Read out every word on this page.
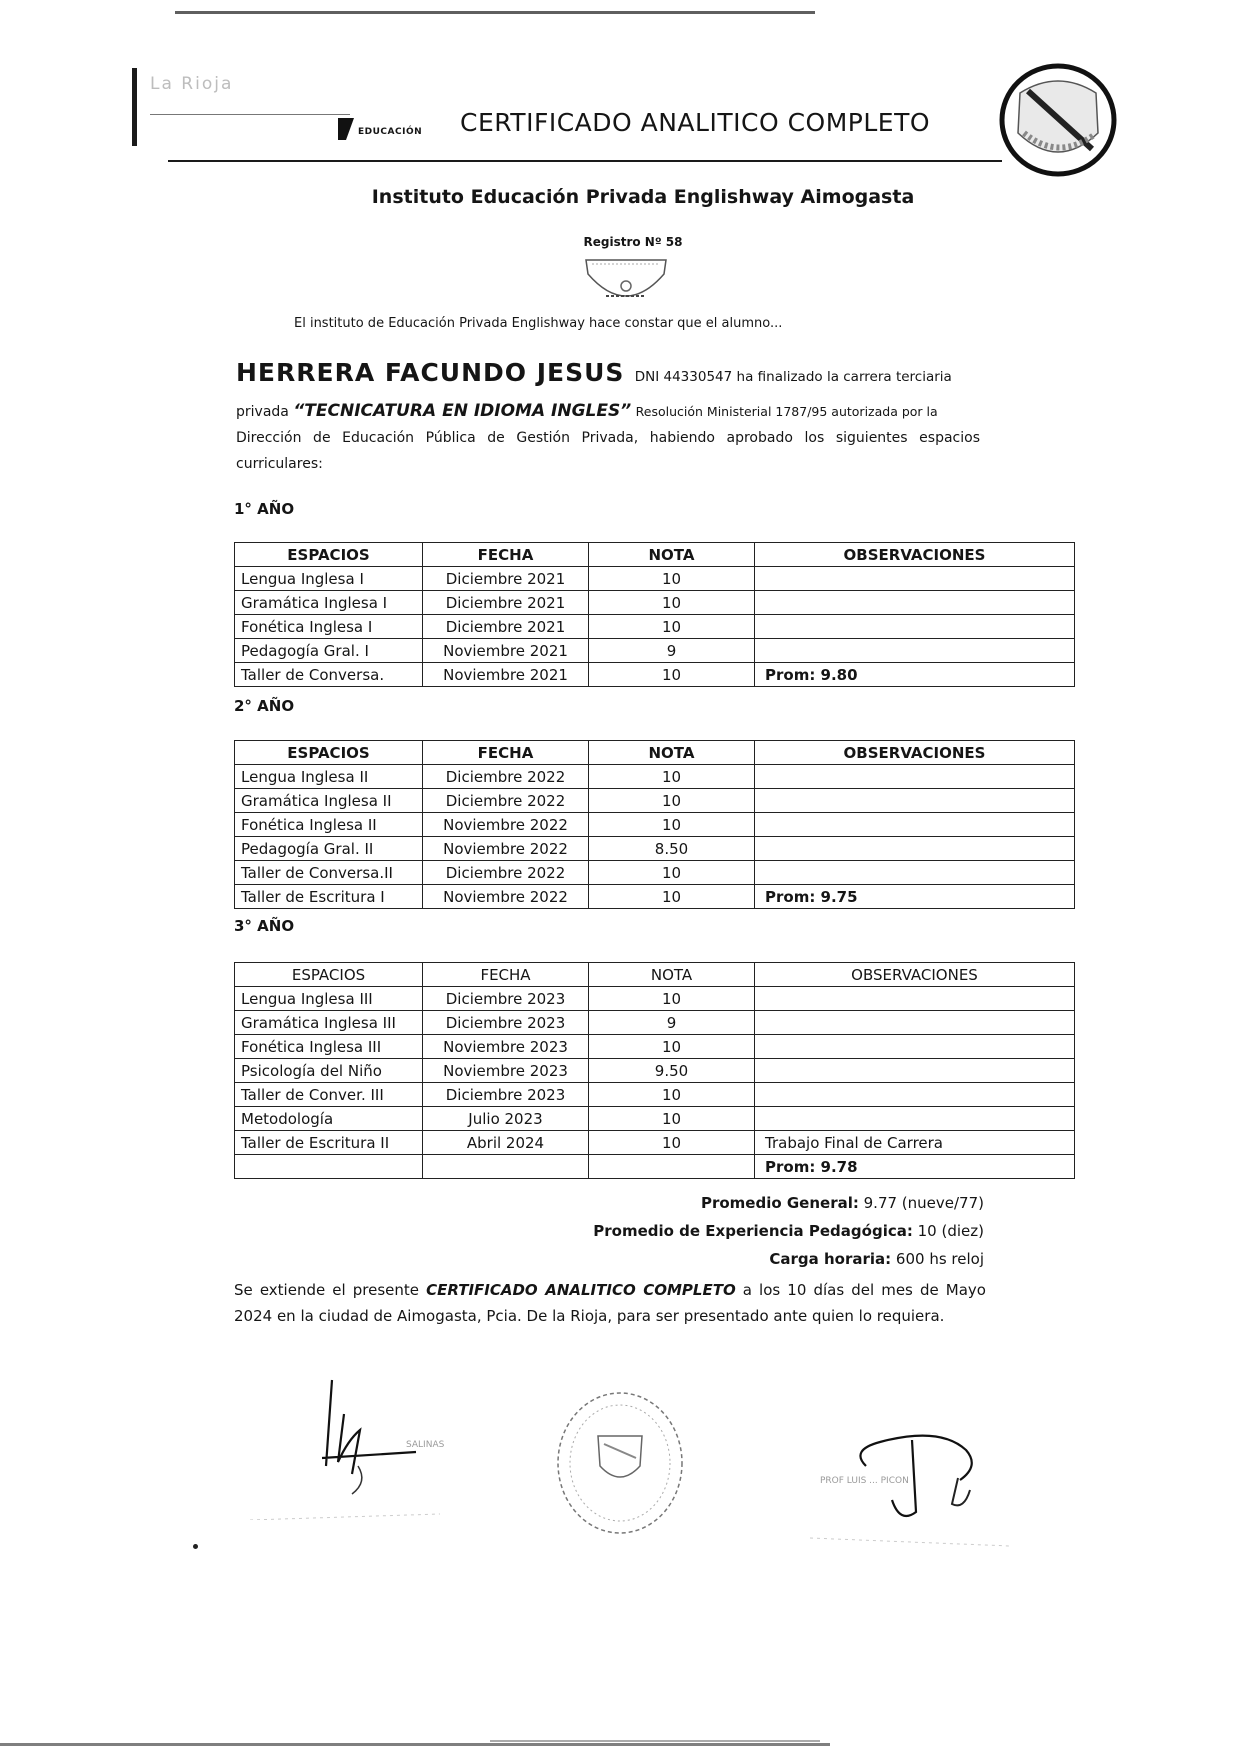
La Rioja
EDUCACIÓN CERTIFICADO ANALITICO COMPLETO
Instituto Educación Privada Englishway Aimogasta
Registro Nº 58
El instituto de Educación Privada Englishway hace constar que el alumno...
HERRERA FACUNDO JESUS DNI 44330547 ha finalizado la carrera terciaria
privada “TECNICATURA EN IDIOMA INGLES” Resolución Ministerial 1787/95 autorizada por la
Dirección de Educación Pública de Gestión Privada, habiendo aprobado los siguientes espacios
curriculares:
1° AÑO
ESPACIOS	FECHA	NOTA	OBSERVACIONES
Lengua Inglesa I	Diciembre 2021	10	
Gramática Inglesa I	Diciembre 2021	10	
Fonética Inglesa I	Diciembre 2021	10	
Pedagogía Gral. I	Noviembre 2021	9	
Taller de Conversa.	Noviembre 2021	10	Prom: 9.80
2° AÑO
ESPACIOS	FECHA	NOTA	OBSERVACIONES
Lengua Inglesa II	Diciembre 2022	10	
Gramática Inglesa II	Diciembre 2022	10	
Fonética Inglesa II	Noviembre 2022	10	
Pedagogía Gral. II	Noviembre 2022	8.50	
Taller de Conversa.II	Diciembre 2022	10	
Taller de Escritura I	Noviembre 2022	10	Prom: 9.75
3° AÑO
ESPACIOS	FECHA	NOTA	OBSERVACIONES
Lengua Inglesa III	Diciembre 2023	10	
Gramática Inglesa III	Diciembre 2023	9	
Fonética Inglesa III	Noviembre 2023	10	
Psicología del Niño	Noviembre 2023	9.50	
Taller de Conver. III	Diciembre 2023	10	
Metodología	Julio 2023	10	
Taller de Escritura II	Abril 2024	10	Trabajo Final de Carrera
			Prom: 9.78
Promedio General: 9.77 (nueve/77)
Promedio de Experiencia Pedagógica: 10 (diez)
Carga horaria: 600 hs reloj
Se extiende el presente CERTIFICADO ANALITICO COMPLETO a los 10 días del mes de Mayo 2024 en la ciudad de Aimogasta, Pcia. De la Rioja, para ser presentado ante quien lo requiera.
SALINAS
PROF LUIS ... PICON
